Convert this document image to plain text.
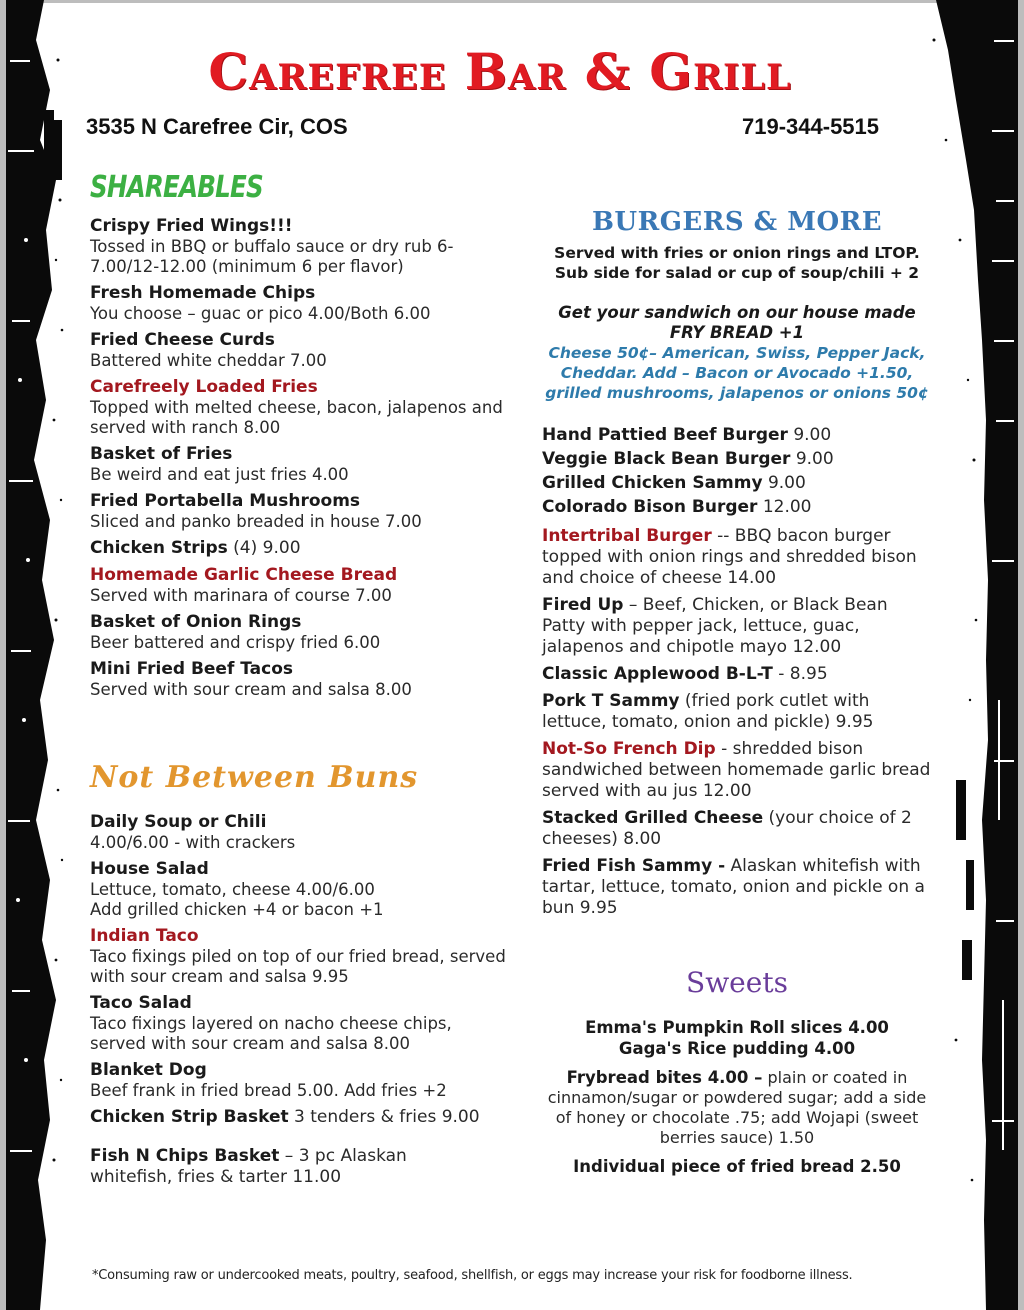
Carefree Bar & Grill
3535 N Carefree Cir, COS	719-344-5515
SHAREABLES
Crispy Fried Wings!!!
Tossed in BBQ or buffalo sauce or dry rub 6-7.00/12-12.00 (minimum 6 per flavor)
Fresh Homemade Chips
You choose – guac or pico 4.00/Both 6.00
Fried Cheese Curds
Battered white cheddar 7.00
Carefreely Loaded Fries
Topped with melted cheese, bacon, jalapenos and served with ranch 8.00
Basket of Fries
Be weird and eat just fries 4.00
Fried Portabella Mushrooms
Sliced and panko breaded in house 7.00
Chicken Strips (4) 9.00
Homemade Garlic Cheese Bread
Served with marinara of course 7.00
Basket of Onion Rings
Beer battered and crispy fried 6.00
Mini Fried Beef Tacos
Served with sour cream and salsa 8.00
Not Between Buns
Daily Soup or Chili
4.00/6.00 - with crackers
House Salad
Lettuce, tomato, cheese 4.00/6.00
Add grilled chicken +4 or bacon +1
Indian Taco
Taco fixings piled on top of our fried bread, served with sour cream and salsa 9.95
Taco Salad
Taco fixings layered on nacho cheese chips, served with sour cream and salsa 8.00
Blanket Dog
Beef frank in fried bread 5.00. Add fries +2
Chicken Strip Basket 3 tenders & fries 9.00
Fish N Chips Basket – 3 pc Alaskan whitefish, fries & tarter 11.00
BURGERS & MORE
Served with fries or onion rings and LTOP.
Sub side for salad or cup of soup/chili + 2
Get your sandwich on our house made
FRY BREAD +1
Cheese 50¢– American, Swiss, Pepper Jack, Cheddar. Add – Bacon or Avocado +1.50, grilled mushrooms, jalapenos or onions 50¢
Hand Pattied Beef Burger 9.00
Veggie Black Bean Burger 9.00
Grilled Chicken Sammy 9.00
Colorado Bison Burger 12.00
Intertribal Burger -- BBQ bacon burger topped with onion rings and shredded bison and choice of cheese 14.00
Fired Up – Beef, Chicken, or Black Bean Patty with pepper jack, lettuce, guac, jalapenos and chipotle mayo 12.00
Classic Applewood B-L-T - 8.95
Pork T Sammy (fried pork cutlet with lettuce, tomato, onion and pickle) 9.95
Not-So French Dip - shredded bison sandwiched between homemade garlic bread served with au jus 12.00
Stacked Grilled Cheese (your choice of 2 cheeses) 8.00
Fried Fish Sammy - Alaskan whitefish with tartar, lettuce, tomato, onion and pickle on a bun 9.95
Sweets
Emma's Pumpkin Roll slices 4.00
Gaga's Rice pudding 4.00
Frybread bites 4.00 – plain or coated in cinnamon/sugar or powdered sugar; add a side of honey or chocolate .75; add Wojapi (sweet berries sauce) 1.50
Individual piece of fried bread 2.50
*Consuming raw or undercooked meats, poultry, seafood, shellfish, or eggs may increase your risk for foodborne illness.
